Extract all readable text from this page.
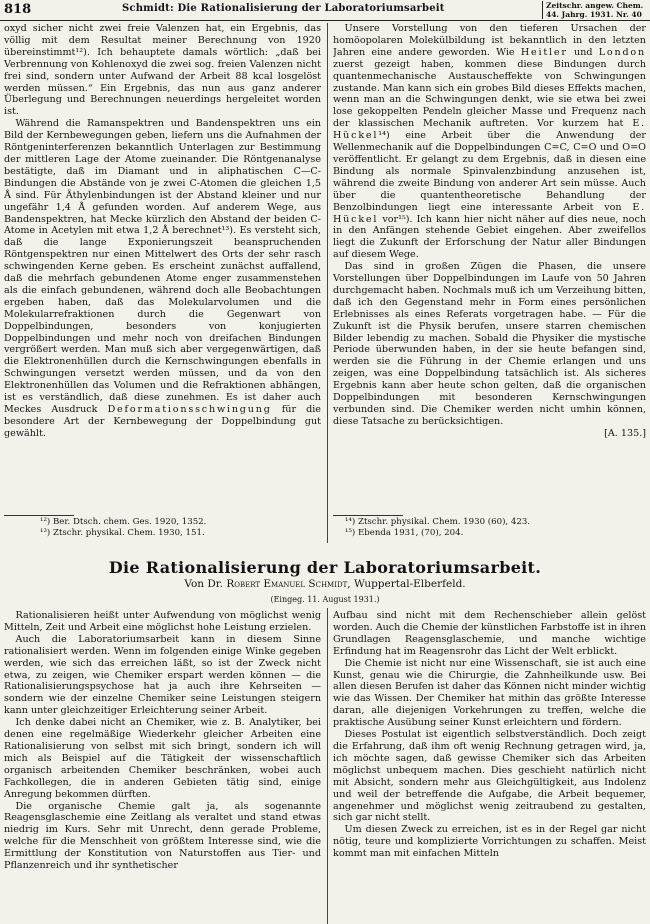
818	Schmidt: Die Rationalisierung der Laboratoriumsarbeit	Zeitschr. angew. Chem.
44. Jahrg. 1931. Nr. 40

oxyd sicher nicht zwei freie Valenzen hat, ein Ergebnis, das völlig mit dem Resultat meiner Berechnung von 1920 übereinstimmt¹²). Ich behauptete damals wörtlich: „daß bei Verbrennung von Kohlenoxyd die zwei sog. freien Valenzen nicht frei sind, sondern unter Aufwand der Arbeit 88 kcal losgelöst werden müssen.“ Ein Ergebnis, das nun aus ganz anderer Überlegung und Berechnungen neuerdings hergeleitet worden ist.

Während die Ramanspektren und Bandenspektren uns ein Bild der Kernbewegungen geben, liefern uns die Aufnahmen der Röntgeninterferenzen bekanntlich Unterlagen zur Bestimmung der mittleren Lage der Atome zueinander. Die Röntgenanalyse bestätigte, daß im Diamant und in aliphatischen C—C-Bindungen die Abstände von je zwei C-Atomen die gleichen 1,5 Å sind. Für Äthylenbindungen ist der Abstand kleiner und nur ungefähr 1,4 Å gefunden worden. Auf anderem Wege, aus Bandenspektren, hat Mecke kürzlich den Abstand der beiden C-Atome in Acetylen mit etwa 1,2 Å berechnet¹³). Es versteht sich, daß die lange Exponierungszeit beanspruchenden Röntgenspektren nur einen Mittelwert des Orts der sehr rasch schwingenden Kerne geben. Es erscheint zunächst auffallend, daß die mehrfach gebundenen Atome enger zusammenstehen als die einfach gebundenen, während doch alle Beobachtungen ergeben haben, daß das Molekularvolumen und die Molekularrefraktionen durch die Gegenwart von Doppelbindungen, besonders von konjugierten Doppelbindungen und mehr noch von dreifachen Bindungen vergrößert werden. Man muß sich aber vergegenwärtigen, daß die Elektronenhüllen durch die Kernschwingungen ebenfalls in Schwingungen versetzt werden müssen, und da von den Elektronenhüllen das Volumen und die Refraktionen abhängen, ist es verständlich, daß diese zunehmen. Es ist daher auch Meckes Ausdruck Deformationsschwingung für die besondere Art der Kernbewegung der Doppelbindung gut gewählt.

Unsere Vorstellung von den tieferen Ursachen der homöopolaren Molekülbildung ist bekanntlich in den letzten Jahren eine andere geworden. Wie Heitler und London zuerst gezeigt haben, kommen diese Bindungen durch quantenmechanische Austauscheffekte von Schwingungen zustande. Man kann sich ein grobes Bild dieses Effekts machen, wenn man an die Schwingungen denkt, wie sie etwa bei zwei lose gekoppelten Pendeln gleicher Masse und Frequenz nach der klassischen Mechanik auftreten. Vor kurzem hat E. Hückel¹⁴) eine Arbeit über die Anwendung der Wellenmechanik auf die Doppelbindungen C=C, C=O und O=O veröffentlicht. Er gelangt zu dem Ergebnis, daß in diesen eine Bindung als normale Spinvalenzbindung anzusehen ist, während die zweite Bindung von anderer Art sein müsse. Auch über die quantentheoretische Behandlung der Benzolbindungen liegt eine interessante Arbeit von E. Hückel vor¹⁵). Ich kann hier nicht näher auf dies neue, noch in den Anfängen stehende Gebiet eingehen. Aber zweifellos liegt die Zukunft der Erforschung der Natur aller Bindungen auf diesem Wege.

Das sind in großen Zügen die Phasen, die unsere Vorstellungen über Doppelbindungen im Laufe von 50 Jahren durchgemacht haben. Nochmals muß ich um Verzeihung bitten, daß ich den Gegenstand mehr in Form eines persönlichen Erlebnisses als eines Referats vorgetragen habe. — Für die Zukunft ist die Physik berufen, unsere starren chemischen Bilder lebendig zu machen. Sobald die Physiker die mystische Periode überwunden haben, in der sie heute befangen sind, werden sie die Führung in der Chemie erlangen und uns zeigen, was eine Doppelbindung tatsächlich ist. Als sicheres Ergebnis kann aber heute schon gelten, daß die organischen Doppelbindungen mit besonderen Kernschwingungen verbunden sind. Die Chemiker werden nicht umhin können, diese Tatsache zu berücksichtigen.

[A. 135.]
¹²) Ber. Dtsch. chem. Ges. 1920, 1352.
¹³) Ztschr. physikal. Chem. 1930, 151.
¹⁴) Ztschr. physikal. Chem. 1930 (60), 423.
¹⁵) Ebenda 1931, (70), 204.
Die Rationalisierung der Laboratoriumsarbeit.
Von Dr. Robert Emanuel Schmidt, Wuppertal-Elberfeld.
(Eingeg. 11. August 1931.)

Rationalisieren heißt unter Aufwendung von möglichst wenig Mitteln, Zeit und Arbeit eine möglichst hohe Leistung erzielen.

Auch die Laboratoriumsarbeit kann in diesem Sinne rationalisiert werden. Wenn im folgenden einige Winke gegeben werden, wie sich das erreichen läßt, so ist der Zweck nicht etwa, zu zeigen, wie Chemiker erspart werden können — die Rationalisierungspsychose hat ja auch ihre Kehrseiten — sondern wie der einzelne Chemiker seine Leistungen steigern kann unter gleichzeitiger Erleichterung seiner Arbeit.

Ich denke dabei nicht an Chemiker, wie z. B. Analytiker, bei denen eine regelmäßige Wiederkehr gleicher Arbeiten eine Rationalisierung von selbst mit sich bringt, sondern ich will mich als Beispiel auf die Tätigkeit der wissenschaftlich organisch arbeitenden Chemiker beschränken, wobei auch Fachkollegen, die in anderen Gebieten tätig sind, einige Anregung bekommen dürften.

Die organische Chemie galt ja, als sogenannte Reagensglaschemie eine Zeitlang als veraltet und stand etwas niedrig im Kurs. Sehr mit Unrecht, denn gerade Probleme, welche für die Menschheit von größtem Interesse sind, wie die Ermittlung der Konstitution von Naturstoffen aus Tier- und Pflanzenreich und ihr synthetischer

Aufbau sind nicht mit dem Rechenschieber allein gelöst worden. Auch die Chemie der künstlichen Farbstoffe ist in ihren Grundlagen Reagensglaschemie, und manche wichtige Erfindung hat im Reagensrohr das Licht der Welt erblickt.

Die Chemie ist nicht nur eine Wissenschaft, sie ist auch eine Kunst, genau wie die Chirurgie, die Zahnheilkunde usw. Bei allen diesen Berufen ist daher das Können nicht minder wichtig wie das Wissen. Der Chemiker hat mithin das größte Interesse daran, alle diejenigen Vorkehrungen zu treffen, welche die praktische Ausübung seiner Kunst erleichtern und fördern.

Dieses Postulat ist eigentlich selbstverständlich. Doch zeigt die Erfahrung, daß ihm oft wenig Rechnung getragen wird, ja, ich möchte sagen, daß gewisse Chemiker sich das Arbeiten möglichst unbequem machen. Dies geschieht natürlich nicht mit Absicht, sondern mehr aus Gleichgültigkeit, aus Indolenz und weil der betreffende die Aufgabe, die Arbeit bequemer, angenehmer und möglichst wenig zeitraubend zu gestalten, sich gar nicht stellt.

Um diesen Zweck zu erreichen, ist es in der Regel gar nicht nötig, teure und komplizierte Vorrichtungen zu schaffen. Meist kommt man mit einfachen Mitteln
